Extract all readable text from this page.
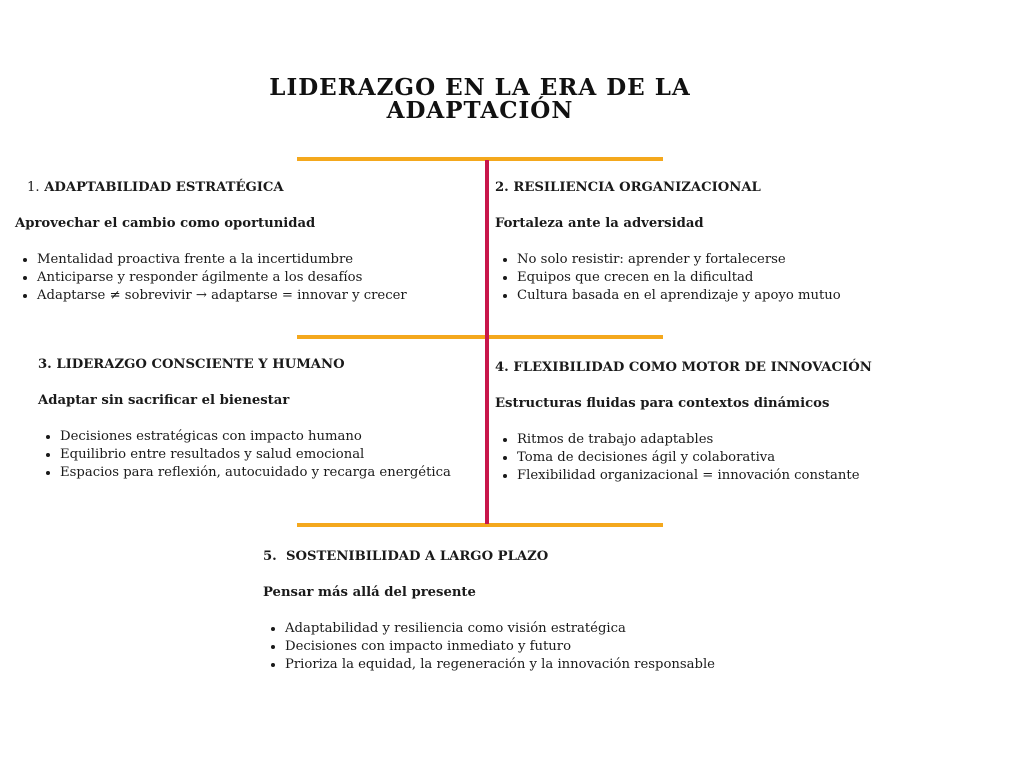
LIDERAZGO EN LA ERA DE LA
ADAPTACIÓN

1. ADAPTABILIDAD ESTRATÉGICA

Aprovechar el cambio como oportunidad

Mentalidad proactiva frente a la incertidumbre
Anticiparse y responder ágilmente a los desafíos
Adaptarse ≠ sobrevivir → adaptarse = innovar y crecer

2. RESILIENCIA ORGANIZACIONAL

Fortaleza ante la adversidad

No solo resistir: aprender y fortalecerse
Equipos que crecen en la dificultad
Cultura basada en el aprendizaje y apoyo mutuo

3. LIDERAZGO CONSCIENTE Y HUMANO

Adaptar sin sacrificar el bienestar

Decisiones estratégicas con impacto humano
Equilibrio entre resultados y salud emocional
Espacios para reflexión, autocuidado y recarga energética

4. FLEXIBILIDAD COMO MOTOR DE INNOVACIÓN

Estructuras fluidas para contextos dinámicos

Ritmos de trabajo adaptables
Toma de decisiones ágil y colaborativa
Flexibilidad organizacional = innovación constante

5.  SOSTENIBILIDAD A LARGO PLAZO

Pensar más allá del presente

Adaptabilidad y resiliencia como visión estratégica
Decisiones con impacto inmediato y futuro
Prioriza la equidad, la regeneración y la innovación responsable
